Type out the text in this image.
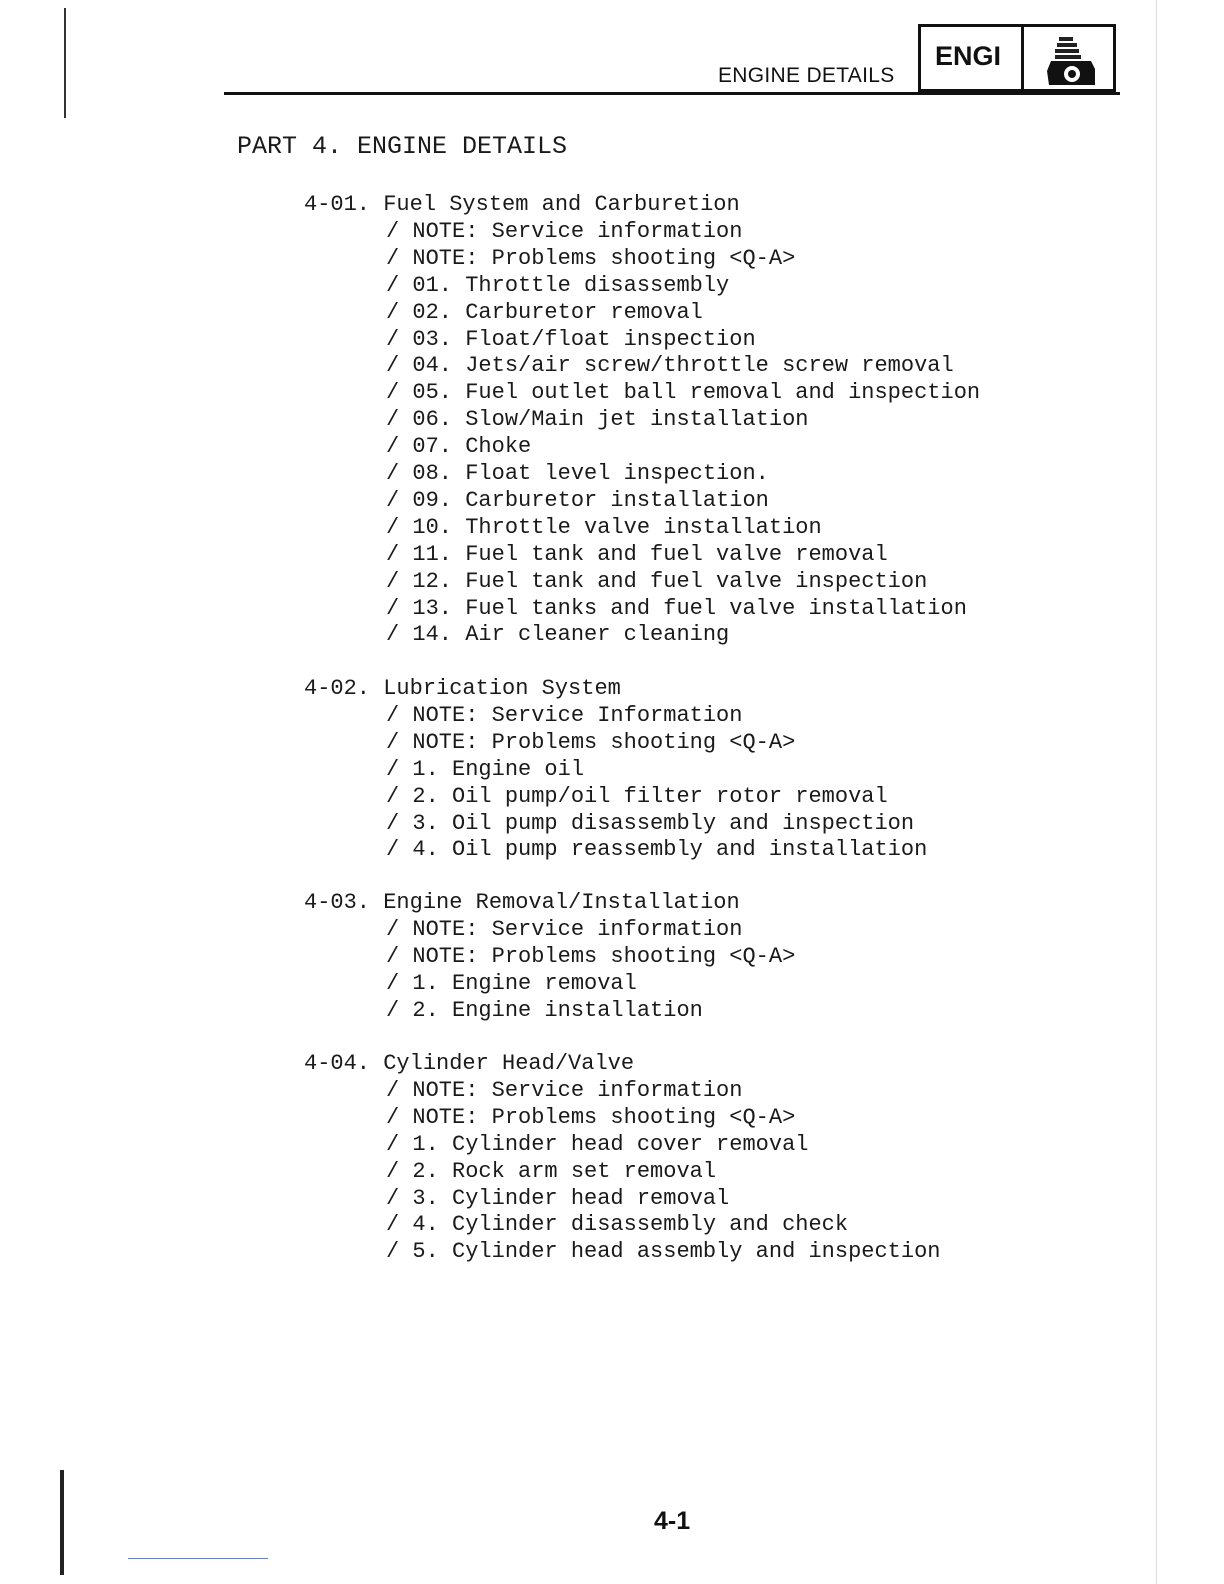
ENGINE DETAILS
ENGI
PART 4. ENGINE DETAILS
4-01. Fuel System and Carburetion
/ NOTE: Service information
/ NOTE: Problems shooting <Q-A>
/ 01. Throttle disassembly
/ 02. Carburetor removal
/ 03. Float/float inspection
/ 04. Jets/air screw/throttle screw removal
/ 05. Fuel outlet ball removal and inspection
/ 06. Slow/Main jet installation
/ 07. Choke
/ 08. Float level inspection.
/ 09. Carburetor installation
/ 10. Throttle valve installation
/ 11. Fuel tank and fuel valve removal
/ 12. Fuel tank and fuel valve inspection
/ 13. Fuel tanks and fuel valve installation
/ 14. Air cleaner cleaning
4-02. Lubrication System
/ NOTE: Service Information
/ NOTE: Problems shooting <Q-A>
/ 1. Engine oil
/ 2. Oil pump/oil filter rotor removal
/ 3. Oil pump disassembly and inspection
/ 4. Oil pump reassembly and installation
4-03. Engine Removal/Installation
/ NOTE: Service information
/ NOTE: Problems shooting <Q-A>
/ 1. Engine removal
/ 2. Engine installation
4-04. Cylinder Head/Valve
/ NOTE: Service information
/ NOTE: Problems shooting <Q-A>
/ 1. Cylinder head cover removal
/ 2. Rock arm set removal
/ 3. Cylinder head removal
/ 4. Cylinder disassembly and check
/ 5. Cylinder head assembly and inspection
4-1
